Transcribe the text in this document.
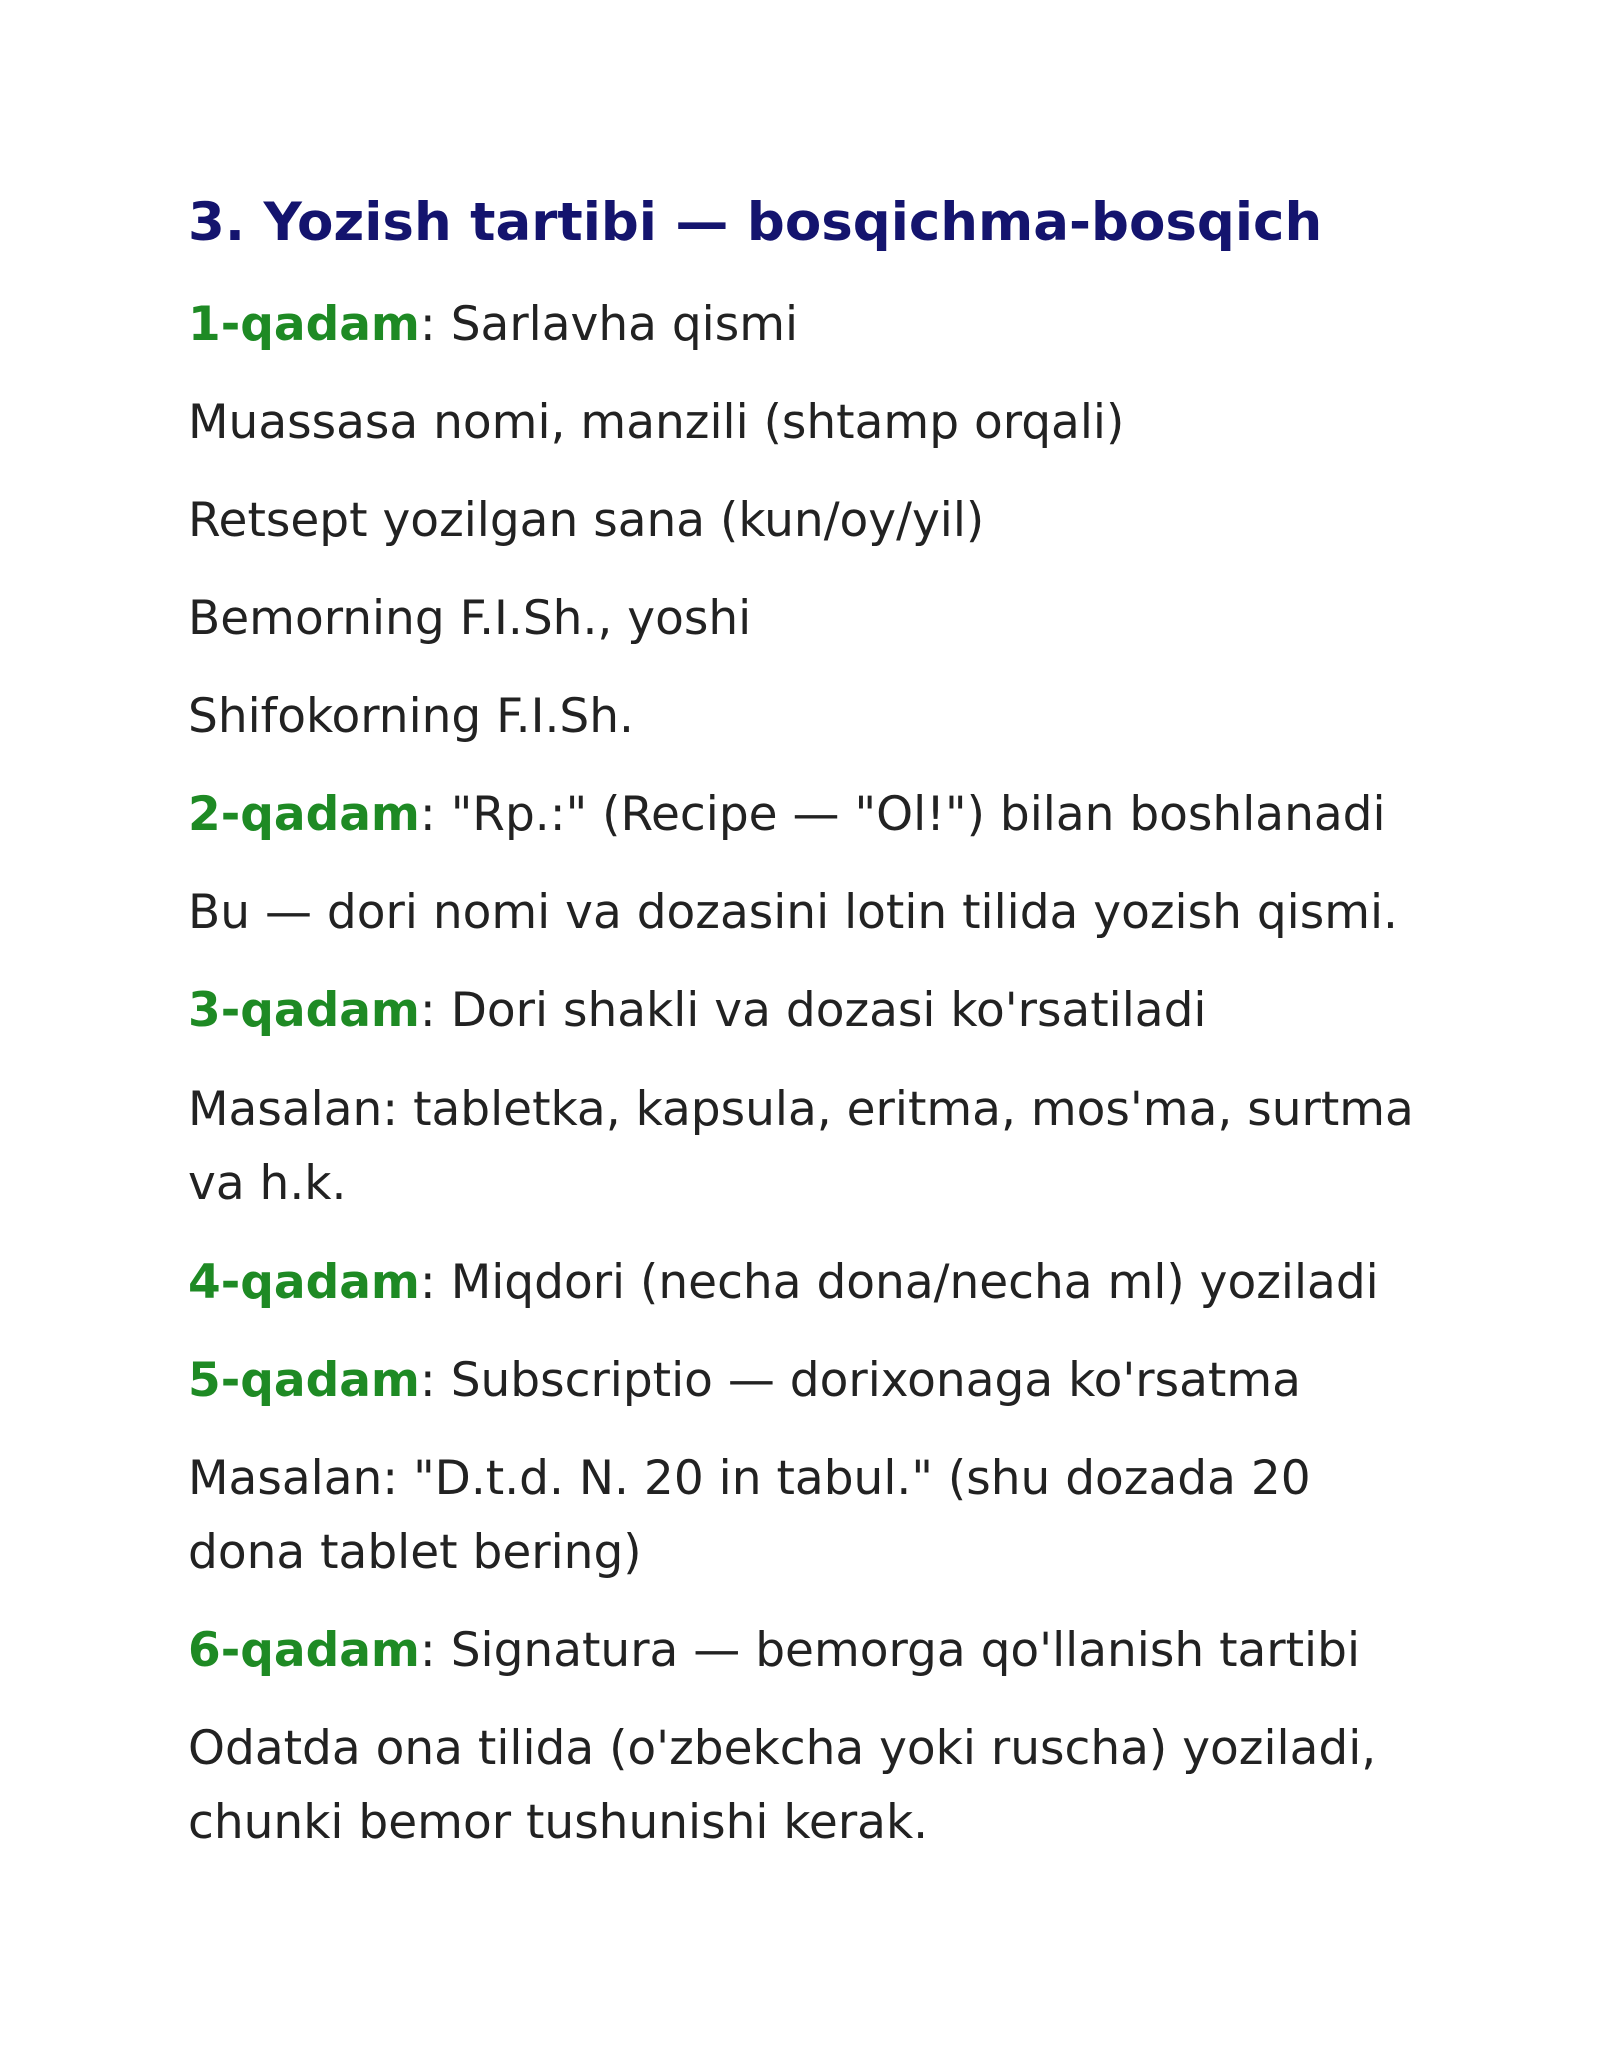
3. Yozish tartibi — bosqichma-bosqich
1-qadam: Sarlavha qismi
Muassasa nomi, manzili (shtamp orqali)
Retsept yozilgan sana (kun/oy/yil)
Bemorning F.I.Sh., yoshi
Shifokorning F.I.Sh.
2-qadam: "Rp.:" (Recipe — "Ol!") bilan boshlanadi
Bu — dori nomi va dozasini lotin tilida yozish qismi.
3-qadam: Dori shakli va dozasi ko'rsatiladi
Masalan: tabletka, kapsula, eritma, mos'ma, surtma va h.k.
4-qadam: Miqdori (necha dona/necha ml) yoziladi
5-qadam: Subscriptio — dorixonaga ko'rsatma
Masalan: "D.t.d. N. 20 in tabul." (shu dozada 20 dona tablet bering)
6-qadam: Signatura — bemorga qo'llanish tartibi
Odatda ona tilida (o'zbekcha yoki ruscha) yoziladi, chunki bemor tushunishi kerak.
